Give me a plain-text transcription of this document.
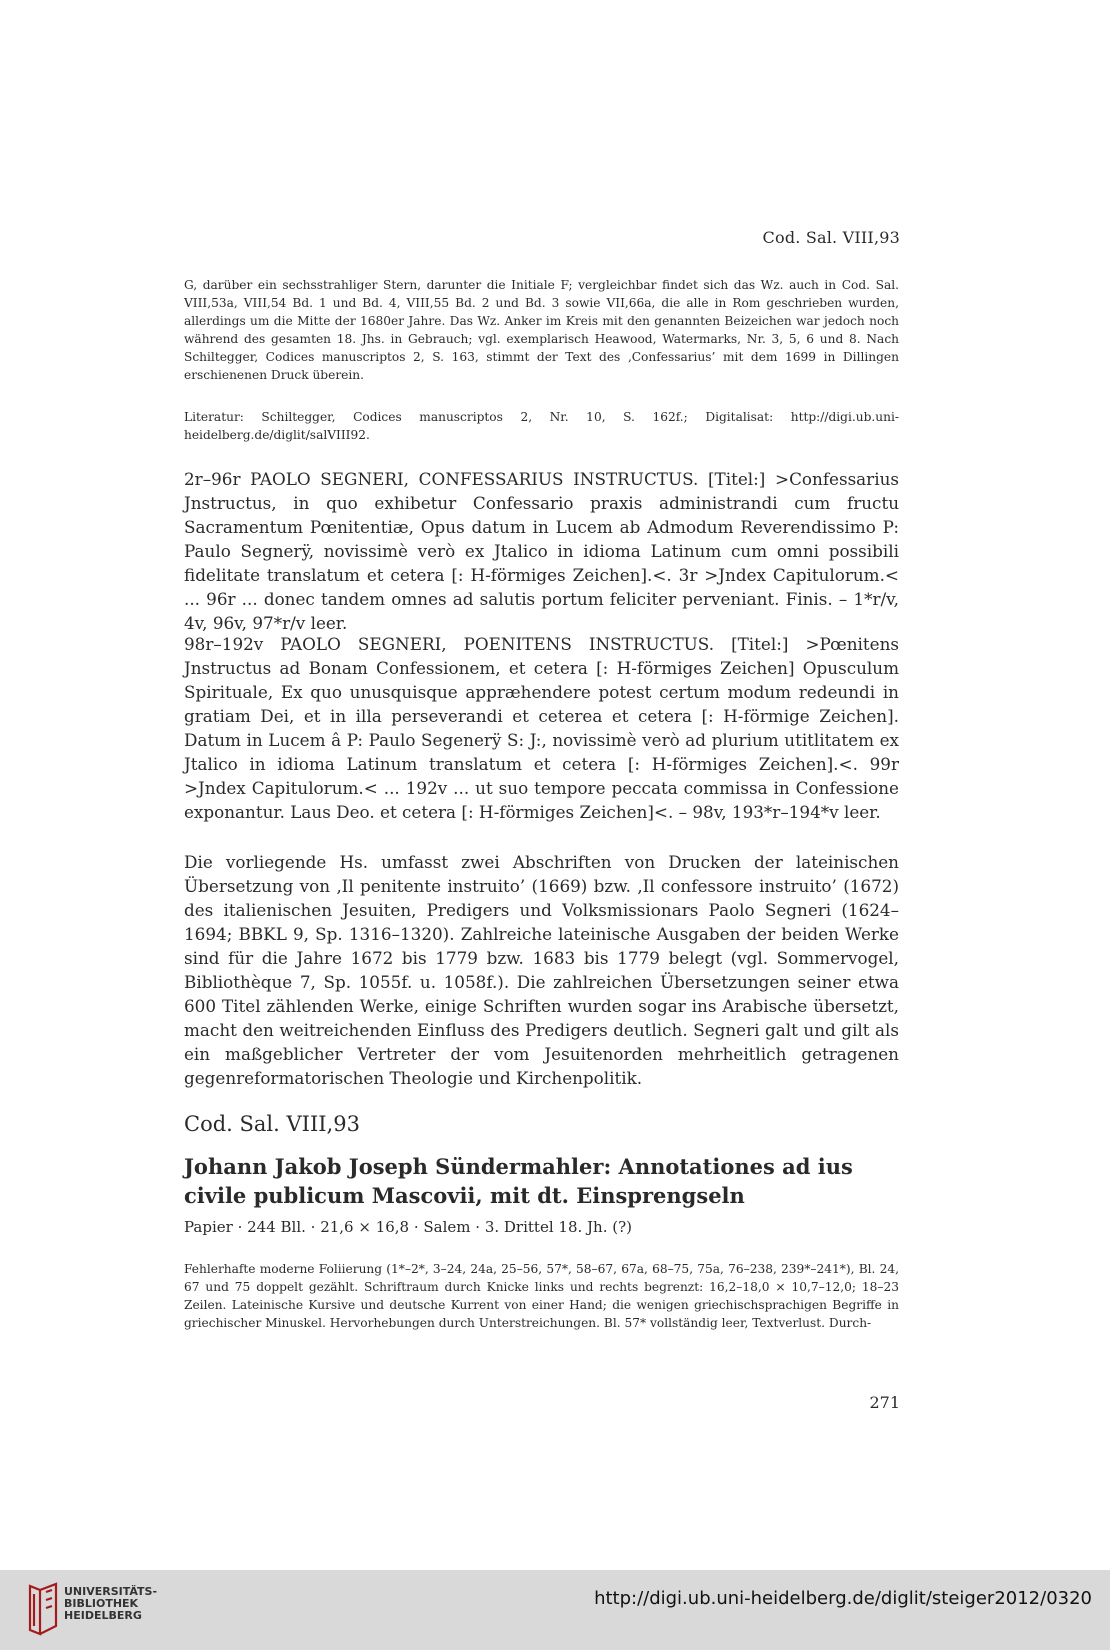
Cod. Sal. VIII,93

G, darüber ein sechsstrahliger Stern, darunter die Initiale F; vergleichbar findet sich das Wz. auch in Cod. Sal. VIII,53a, VIII,54 Bd. 1 und Bd. 4, VIII,55 Bd. 2 und Bd. 3 sowie VII,66a, die alle in Rom geschrieben wurden, allerdings um die Mitte der 1680er Jahre. Das Wz. Anker im Kreis mit den genannten Beizeichen war jedoch noch während des gesamten 18. Jhs. in Gebrauch; vgl. exemplarisch Heawood, Watermarks, Nr. 3, 5, 6 und 8. Nach Schiltegger, Codices manuscriptos 2, S. 163, stimmt der Text des ‚Confessarius’ mit dem 1699 in Dillingen erschienenen Druck überein.

Literatur: Schiltegger, Codices manuscriptos 2, Nr. 10, S. 162f.; Digitalisat: http://digi.ub.uni-heidelberg.de/diglit/salVIII92.

2r–96r PAOLO SEGNERI, CONFESSARIUS INSTRUCTUS. [Titel:] >Confessarius Jnstructus, in quo exhibetur Confessario praxis administrandi cum fructu Sacramentum Pœnitentiæ, Opus datum in Lucem ab Admodum Reverendissimo P: Paulo Segnerÿ, novissimè verò ex Jtalico in idioma Latinum cum omni possibili fidelitate translatum et cetera [: H-förmiges Zeichen].<. 3r >Jndex Capitulorum.< ... 96r ... donec tandem omnes ad salutis portum feliciter perveniant. Finis. – 1*r/v, 4v, 96v, 97*r/v leer.

98r–192v PAOLO SEGNERI, POENITENS INSTRUCTUS. [Titel:] >Pœnitens Jnstructus ad Bonam Confessionem, et cetera [: H-förmiges Zeichen] Opusculum Spirituale, Ex quo unusquisque appræhendere potest certum modum redeundi in gratiam Dei, et in illa perseverandi et ceterea et cetera [: H-förmige Zeichen]. Datum in Lucem â P: Paulo Segenerÿ S: J:, novissimè verò ad plurium utitlitatem ex Jtalico in idioma Latinum translatum et cetera [: H-förmiges Zeichen].<. 99r >Jndex Capitulorum.< ... 192v ... ut suo tempore peccata commissa in Confessione exponantur. Laus Deo. et cetera [: H-förmiges Zeichen]<. – 98v, 193*r–194*v leer.

Die vorliegende Hs. umfasst zwei Abschriften von Drucken der lateinischen Übersetzung von ‚Il penitente instruito’ (1669) bzw. ‚Il confessore instruito’ (1672) des italienischen Jesuiten, Predigers und Volksmissionars Paolo Segneri (1624–1694; BBKL 9, Sp. 1316–1320). Zahlreiche lateinische Ausgaben der beiden Werke sind für die Jahre 1672 bis 1779 bzw. 1683 bis 1779 belegt (vgl. Sommervogel, Bibliothèque 7, Sp. 1055f. u. 1058f.). Die zahlreichen Übersetzungen seiner etwa 600 Titel zählenden Werke, einige Schriften wurden sogar ins Arabische übersetzt, macht den weitreichenden Einfluss des Predigers deutlich. Segneri galt und gilt als ein maßgeblicher Vertreter der vom Jesuitenorden mehrheitlich getragenen gegenreformatorischen Theologie und Kirchenpolitik.

Cod. Sal. VIII,93
Johann Jakob Joseph Sündermahler: Annotationes ad ius civile publicum Mascovii, mit dt. Einsprengseln
Papier · 244 Bll. · 21,6 × 16,8 · Salem · 3. Drittel 18. Jh. (?)

Fehlerhafte moderne Foliierung (1*–2*, 3–24, 24a, 25–56, 57*, 58–67, 67a, 68–75, 75a, 76–238, 239*–241*), Bl. 24, 67 und 75 doppelt gezählt. Schriftraum durch Knicke links und rechts begrenzt: 16,2–18,0 × 10,7–12,0; 18–23 Zeilen. Lateinische Kursive und deutsche Kurrent von einer Hand; die wenigen griechischsprachigen Begriffe in griechischer Minuskel. Hervorhebungen durch Unterstreichungen. Bl. 57* vollständig leer, Textverlust. Durch-

271
UNIVERSITÄTS-
BIBLIOTHEK
HEIDELBERG
http://digi.ub.uni-heidelberg.de/diglit/steiger2012/0320
